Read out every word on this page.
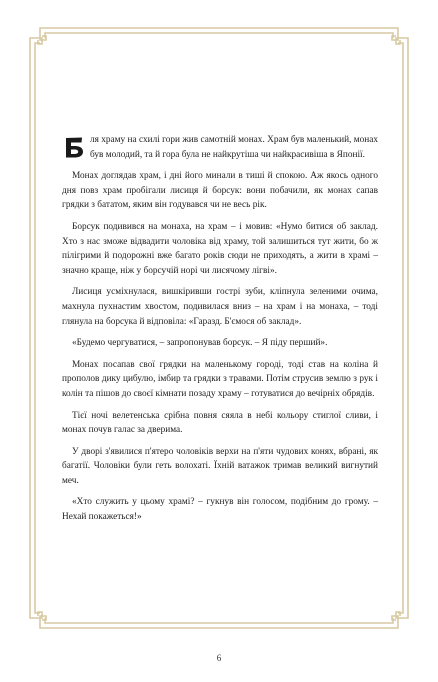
ля храму на схилі гори жив самотній монах. Храм був маленький, монах був молодий, та й гора була не найкрутіша чи найкрасивіша в Японії.

Монах доглядав храм, і дні його минали в тиші й спокою. Аж якось одного дня повз храм пробігали лисиця й борсук: вони побачили, як монах сапав грядки з бататом, яким він годувався чи не весь рік.

Борсук подивився на монаха, на храм – і мовив: «Нумо битися об заклад. Хто з нас зможе відвадити чоловіка від храму, той залишиться тут жити, бо ж пілігрими й подорожні вже багато років сюди не приходять, а жити в храмі – значно краще, ніж у борсучій норі чи лисячому лігві».

Лисиця усміхнулася, вишкіривши гострі зуби, кліпнула зеленими очима, махнула пухнастим хвостом, подивилася вниз – на храм і на монаха, – тоді глянула на борсука й відповіла: «Гаразд. Б'ємося об заклад».

«Будемо чергуватися, – запропонував борсук. – Я піду перший».

Монах посапав свої грядки на маленькому городі, тоді став на коліна й прополов дику цибулю, імбир та грядки з травами. Потім струсив землю з рук і колін та пішов до своєї кімнати позаду храму – готуватися до вечірніх обрядів.

Тієї ночі велетенська срібна повня сяяла в небі кольору стиглої сливи, і монах почув галас за дверима.

У дворі з'явилися п'ятеро чоловіків верхи на п'яти чудових конях, вбрані, як багатії. Чоловіки були геть волохаті. Їхній ватажок тримав великий вигнутий меч.

«Хто служить у цьому храмі? – гукнув він голосом, подібним до грому. – Нехай покажеться!»

6
